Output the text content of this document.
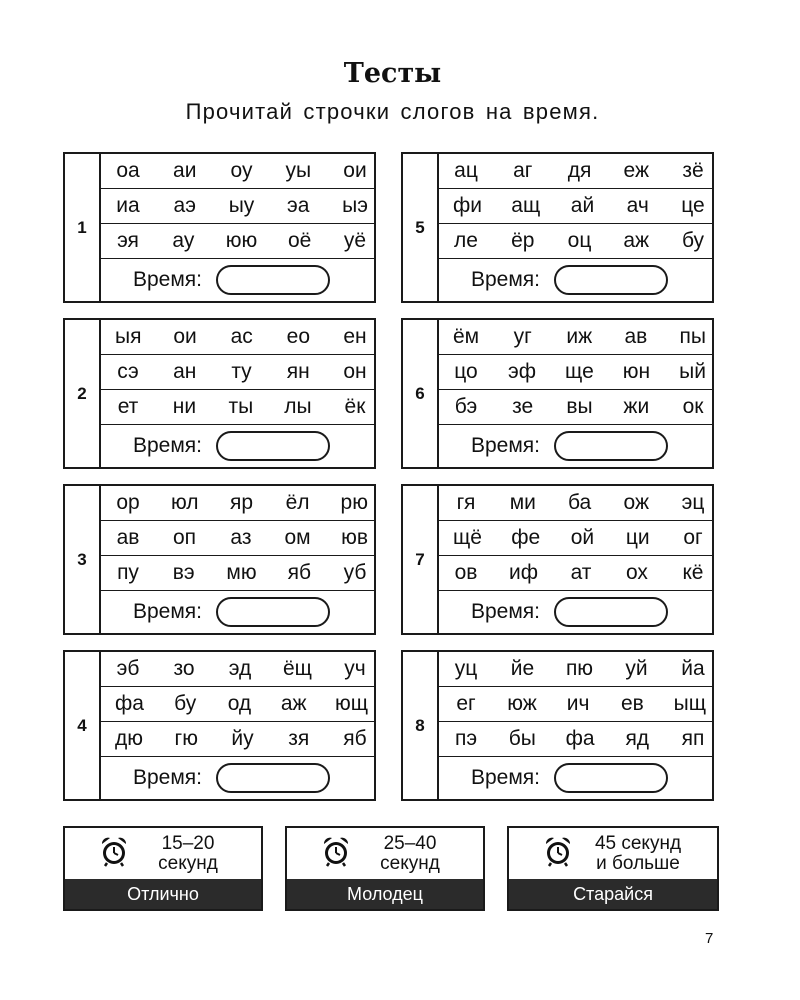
Тесты
Прочитай строчки слогов на время.
1
оа аи оу уы ои
иа аэ ыу эа ыэ
эя ау юю оё уё
Время:
2
ыя ои ас ео ен
сэ ан ту ян он
ет ни ты лы ёк
Время:
3
ор юл яр ёл рю
ав оп аз ом юв
пу вэ мю яб уб
Время:
4
эб зо эд ёщ уч
фа бу од аж ющ
дю гю йу зя яб
Время:
5
ац аг дя еж зё
фи ащ ай ач це
ле ёр оц аж бу
Время:
6
ём уг иж ав пы
цо эф ще юн ый
бэ зе вы жи ок
Время:
7
гя ми ба ож эц
щё фе ой ци ог
ов иф ат ох кё
Время:
8
уц йе пю уй йа
ег юж ич ев ыщ
пэ бы фа яд яп
Время:
15–20
секунд
Отлично
25–40
секунд
Молодец
45 секунд
и больше
Старайся
7
